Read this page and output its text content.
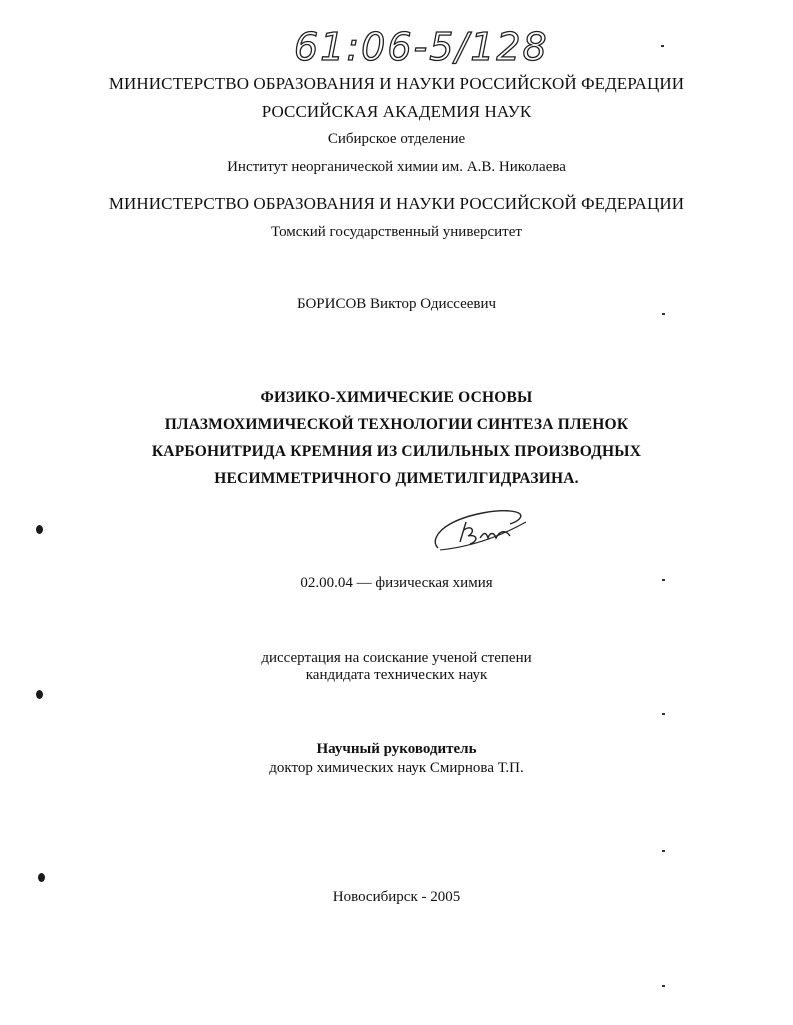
61:06-5/128
МИНИСТЕРСТВО ОБРАЗОВАНИЯ И НАУКИ РОССИЙСКОЙ ФЕДЕРАЦИИ
РОССИЙСКАЯ АКАДЕМИЯ НАУК
Сибирское отделение
Институт неорганической химии им. А.В. Николаева
МИНИСТЕРСТВО ОБРАЗОВАНИЯ И НАУКИ РОССИЙСКОЙ ФЕДЕРАЦИИ
Томский государственный университет
БОРИСОВ Виктор Одиссеевич
ФИЗИКО-ХИМИЧЕСКИЕ ОСНОВЫ
ПЛАЗМОХИМИЧЕСКОЙ ТЕХНОЛОГИИ СИНТЕЗА ПЛЕНОК
КАРБОНИТРИДА КРЕМНИЯ ИЗ СИЛИЛЬНЫХ ПРОИЗВОДНЫХ
НЕСИММЕТРИЧНОГО ДИМЕТИЛГИДРАЗИНА.
02.00.04 — физическая химия
диссертация на соискание ученой степени
кандидата технических наук
Научный руководитель
доктор химических наук Смирнова Т.П.
Новосибирск - 2005
